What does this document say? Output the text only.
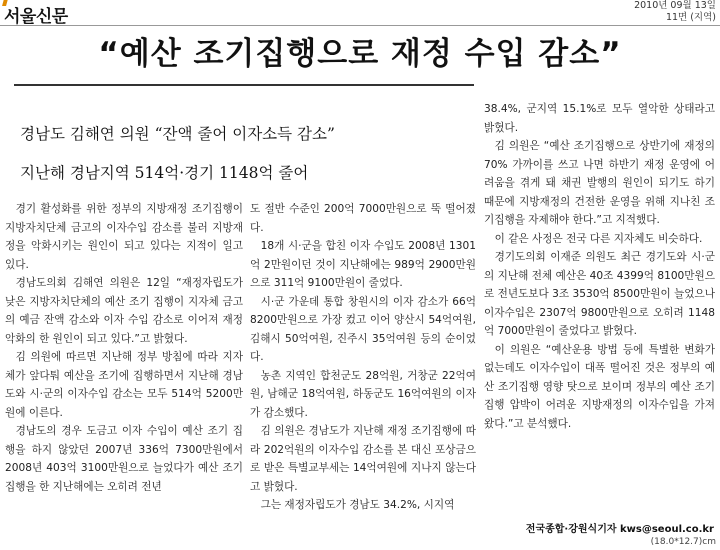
서울신문
2010년 09월 13일
11면 (지역)
“예산 조기집행으로 재정 수입 감소”
경남도 김해연 의원 “잔액 줄어 이자소득 감소”
지난해 경남지역 514억·경기 1148억 줄어

경기 활성화를 위한 정부의 지방재정 조기집행이 지방자치단체 금고의 이자수입 감소를 불러 지방재정을 악화시키는 원인이 되고 있다는 지적이 일고 있다.

경남도의회 김해연 의원은 12일 “재정자립도가 낮은 지방자치단체의 예산 조기 집행이 지자체 금고의 예금 잔액 감소와 이자 수입 감소로 이어져 재정 악화의 한 원인이 되고 있다.”고 밝혔다.

김 의원에 따르면 지난해 정부 방침에 따라 지자체가 앞다퉈 예산을 조기에 집행하면서 지난해 경남도와 시·군의 이자수입 감소는 모두 514억 5200만원에 이른다.

경남도의 경우 도금고 이자 수입이 예산 조기 집행을 하지 않았던 2007년 336억 7300만원에서 2008년 403억 3100만원으로 늘었다가 예산 조기집행을 한 지난해에는 오히려 전년

도 절반 수준인 200억 7000만원으로 뚝 떨어졌다.

18개 시·군을 합친 이자 수입도 2008년 1301억 2만원이던 것이 지난해에는 989억 2900만원으로 311억 9100만원이 줄었다.

시·군 가운데 통합 창원시의 이자 감소가 66억 8200만원으로 가장 컸고 이어 양산시 54억여원, 김해시 50억여원, 진주시 35억여원 등의 순이었다.

농촌 지역인 합천군도 28억원, 거창군 22억여원, 남해군 18억여원, 하동군도 16억여원의 이자가 감소했다.

김 의원은 경남도가 지난해 재정 조기집행에 따라 202억원의 이자수입 감소를 본 대신 포상금으로 받은 특별교부세는 14억여원에 지나지 않는다고 밝혔다.

그는 재정자립도가 경남도 34.2%, 시지역

38.4%, 군지역 15.1%로 모두 열악한 상태라고 밝혔다.

김 의원은 “예산 조기집행으로 상반기에 재정의 70% 가까이를 쓰고 나면 하반기 재정 운영에 어려움을 겪게 돼 채권 발행의 원인이 되기도 하기 때문에 지방재정의 건전한 운영을 위해 지나친 조기집행을 자제해야 한다.”고 지적했다.

이 같은 사정은 전국 다른 지자체도 비슷하다.

경기도의회 이재준 의원도 최근 경기도와 시·군의 지난해 전체 예산은 40조 4399억 8100만원으로 전년도보다 3조 3530억 8500만원이 늘었으나 이자수입은 2307억 9800만원으로 오히려 1148억 7000만원이 줄었다고 밝혔다.

이 의원은 “예산운용 방법 등에 특별한 변화가 없는데도 이자수입이 대폭 떨어진 것은 정부의 예산 조기집행 영향 탓으로 보이며 정부의 예산 조기집행 압박이 어려운 지방재정의 이자수입을 가져왔다.”고 분석했다.

전국종합·강원식기자 kws@seoul.co.kr
(18.0*12.7)cm
